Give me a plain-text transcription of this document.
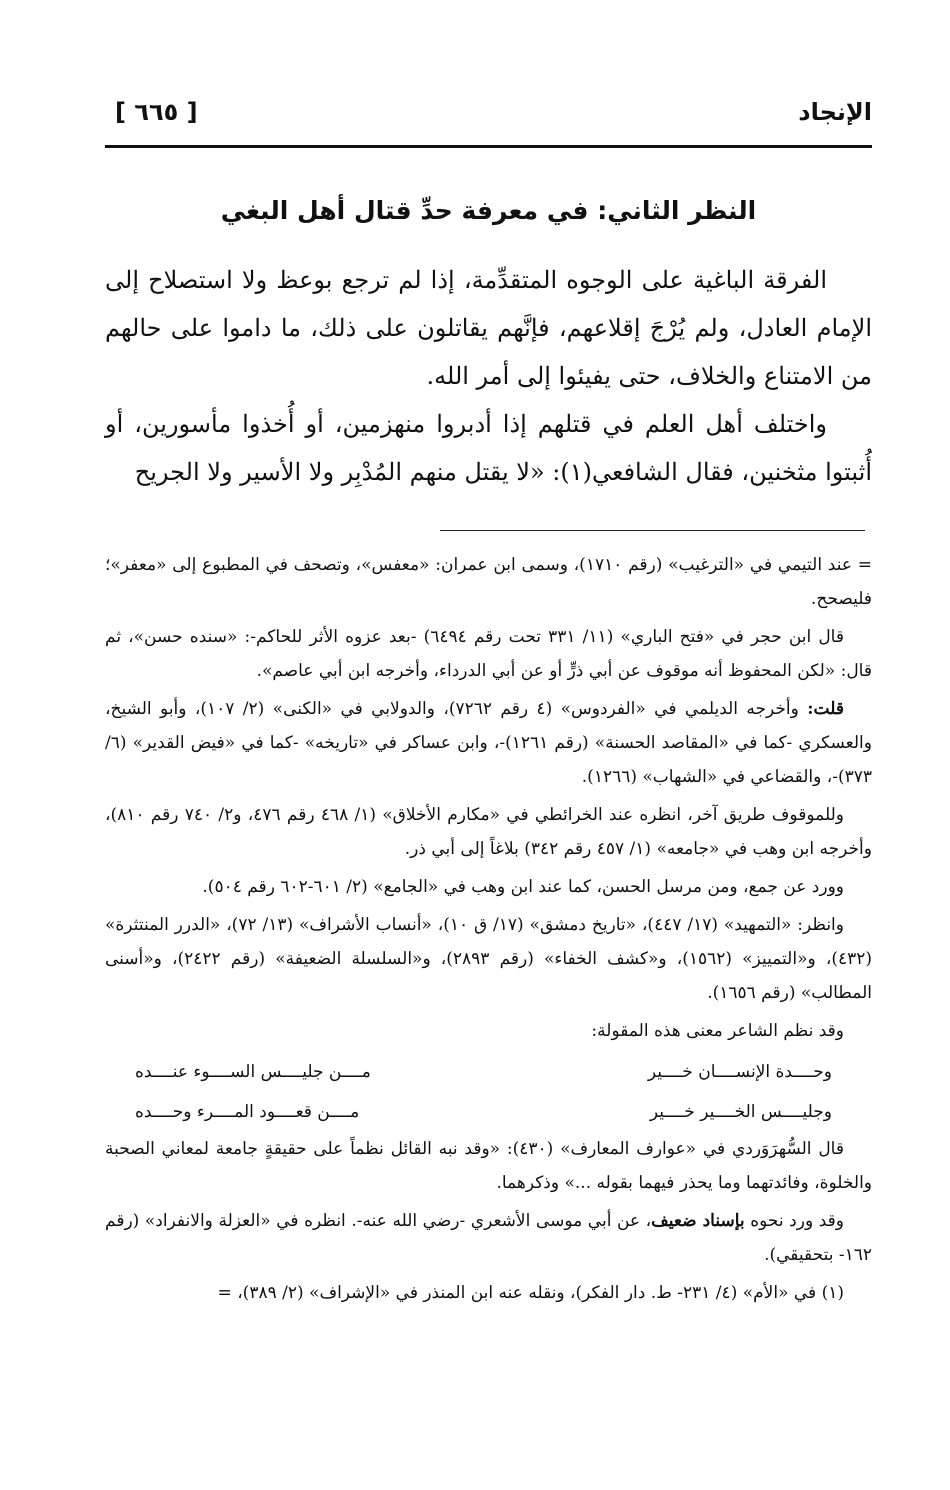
الإنجاد
[ ٦٦٥ ]
النظر الثاني: في معرفة حدِّ قتال أهل البغي

الفرقة الباغية على الوجوه المتقدِّمة، إذا لم ترجع بوعظ ولا استصلاح إلى الإمام العادل، ولم يُرْجَ إقلاعهم، فإنَّهم يقاتلون على ذلك، ما داموا على حالهم من الامتناع والخلاف، حتى يفيئوا إلى أمر الله.

واختلف أهل العلم في قتلهم إذا أدبروا منهزمين، أو أُخذوا مأسورين، أو أُثبتوا مثخنين، فقال الشافعي(١): «لا يقتل منهم المُدْبِر ولا الأسير ولا الجريح

= عند التيمي في «الترغيب» (رقم ١٧١٠)، وسمى ابن عمران: «معفس»، وتصحف في المطبوع إلى «معفر»؛ فليصحح.

قال ابن حجر في «فتح الباري» (١١/ ٣٣١ تحت رقم ٦٤٩٤) -بعد عزوه الأثر للحاكم-: «سنده حسن»، ثم قال: «لكن المحفوظ أنه موقوف عن أبي ذرٍّ أو عن أبي الدرداء، وأخرجه ابن أبي عاصم».

قلت: وأخرجه الديلمي في «الفردوس» (٤ رقم ٧٢٦٢)، والدولابي في «الكنى» (٢/ ١٠٧)، وأبو الشيخ، والعسكري -كما في «المقاصد الحسنة» (رقم ١٢٦١)-، وابن عساكر في «تاريخه» -كما في «فيض القدير» (٦/ ٣٧٣)-، والقضاعي في «الشهاب» (١٢٦٦).

وللموقوف طريق آخر، انظره عند الخرائطي في «مكارم الأخلاق» (١/ ٤٦٨ رقم ٤٧٦، و٢/ ٧٤٠ رقم ٨١٠)، وأخرجه ابن وهب في «جامعه» (١/ ٤٥٧ رقم ٣٤٢) بلاغاً إلى أبي ذر.

وورد عن جمع، ومن مرسل الحسن، كما عند ابن وهب في «الجامع» (٢/ ٦٠١-٦٠٢ رقم ٥٠٤).

وانظر: «التمهيد» (١٧/ ٤٤٧)، «تاريخ دمشق» (١٧/ ق ١٠)، «أنساب الأشراف» (١٣/ ٧٢)، «الدرر المنتثرة» (٤٣٢)، و«التمييز» (١٥٦٢)، و«كشف الخفاء» (رقم ٢٨٩٣)، و«السلسلة الضعيفة» (رقم ٢٤٢٢)، و«أسنى المطالب» (رقم ١٦٥٦).

وقد نظم الشاعر معنى هذه المقولة:

وحــــدة الإنســــان خــــير
مــــن جليــــس الســــوء عنــــده
وجليــــس الخــــير خــــير
مــــن قعــــود المــــرء وحــــده

قال السُّهرَوَردي في «عوارف المعارف» (٤٣٠): «وقد نبه القائل نظماً على حقيقةٍ جامعة لمعاني الصحبة والخلوة، وفائدتهما وما يحذر فيهما بقوله ...» وذكرهما.

وقد ورد نحوه بإسناد ضعيف، عن أبي موسى الأشعري -رضي الله عنه-. انظره في «العزلة والانفراد» (رقم ١٦٢- بتحقيقي).

(١) في «الأم» (٤/ ٢٣١- ط. دار الفكر)، ونقله عنه ابن المنذر في «الإشراف» (٢/ ٣٨٩)، =
